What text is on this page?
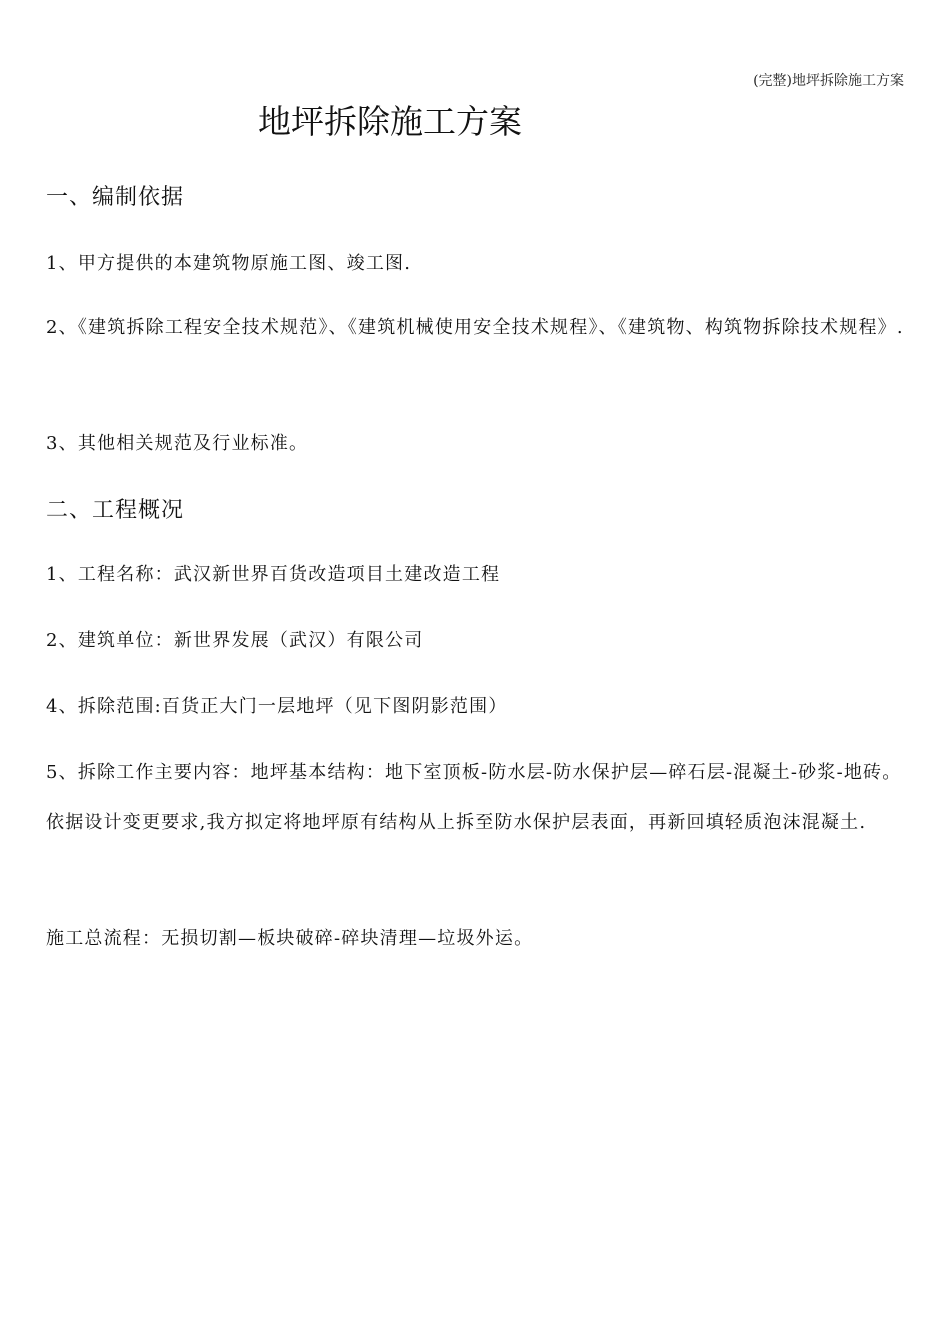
(完整)地坪拆除施工方案
地坪拆除施工方案
一、编制依据
1、甲方提供的本建筑物原施工图、竣工图.
2、《建筑拆除工程安全技术规范》、《建筑机械使用安全技术规程》、《建筑物、构筑物拆除技术规程》.
3、其他相关规范及行业标准。
二、工程概况
1、工程名称：武汉新世界百货改造项目土建改造工程
2、建筑单位：新世界发展（武汉）有限公司
4、拆除范围:百货正大门一层地坪（见下图阴影范围）
5、拆除工作主要内容：地坪基本结构：地下室顶板-防水层-防水保护层—碎石层-混凝土-砂浆-地砖。依据设计变更要求,我方拟定将地坪原有结构从上拆至防水保护层表面，再新回填轻质泡沫混凝土.
施工总流程：无损切割—板块破碎-碎块清理—垃圾外运。
